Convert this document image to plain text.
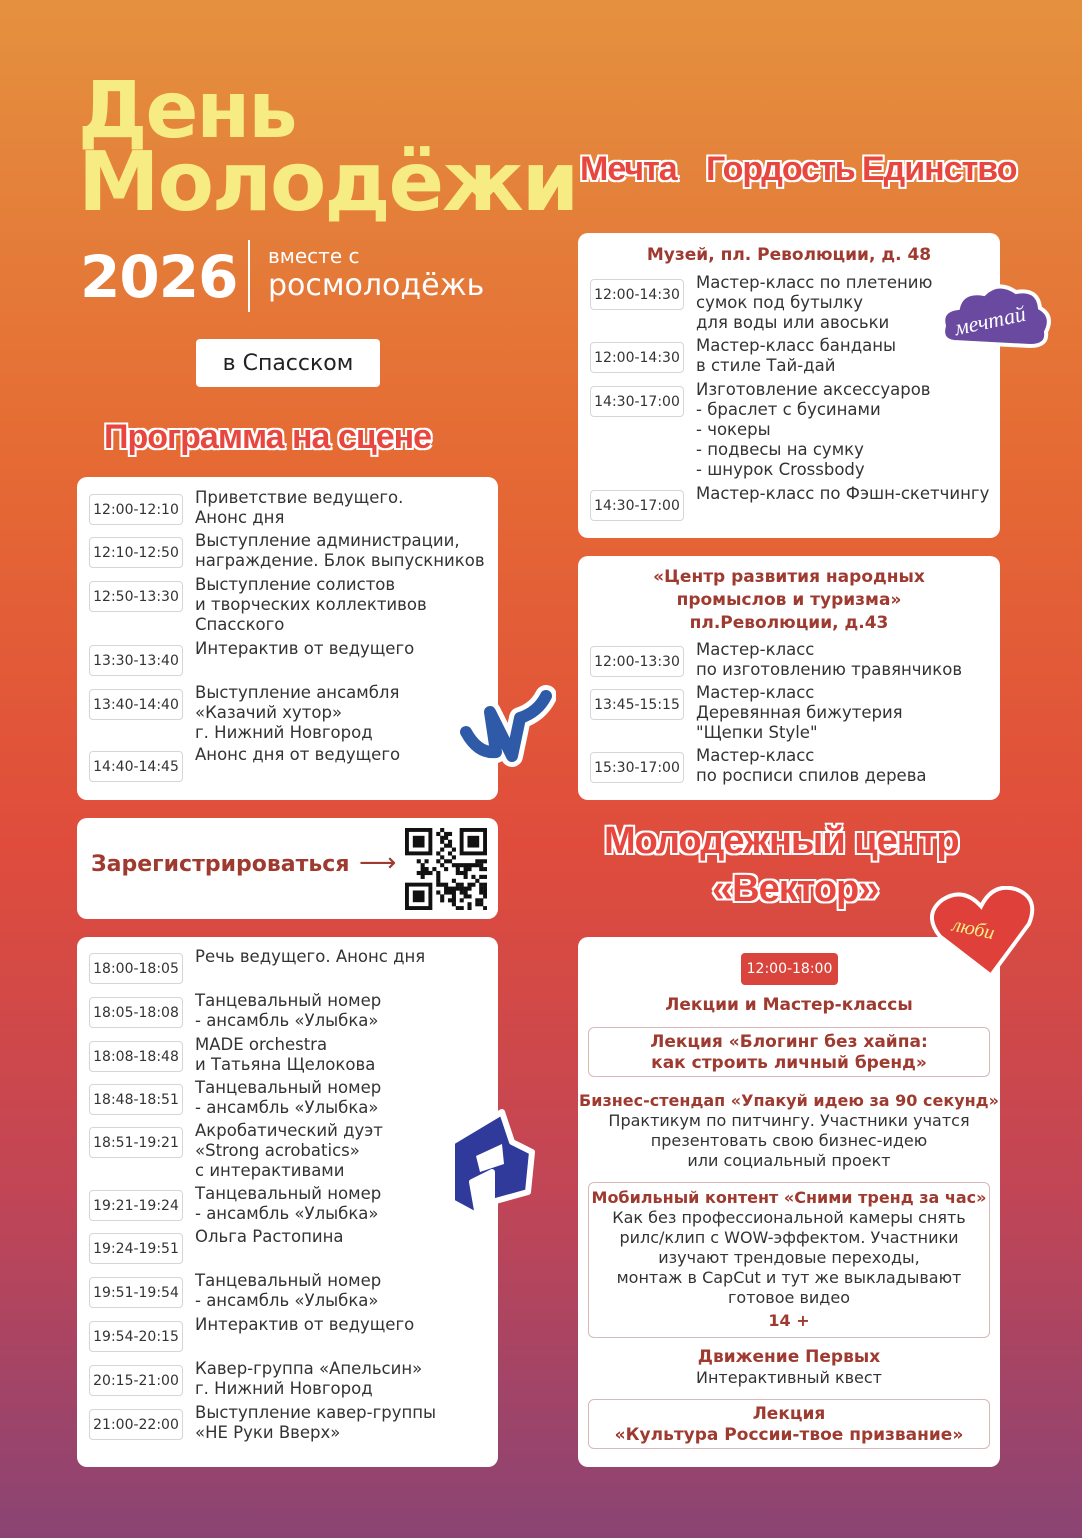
День
Молодёжи
2026 вместе с
росмолодёжь
в Спасском
Мечта Гордость Единство
Программа на сцене
12:00-12:10
Приветствие ведущего.
Анонс дня
12:10-12:50
Выступление администрации,
награждение. Блок выпускников
12:50-13:30
Выступление солистов
и творческих коллективов
Спасского
13:30-13:40
Интерактив от ведущего
13:40-14:40
Выступление ансамбля
«Казачий хутор»
г. Нижний Новгород
14:40-14:45
Анонс дня от ведущего
Зарегистрироваться ⟶
18:00-18:05
Речь ведущего. Анонс дня
18:05-18:08
Танцевальный номер
- ансамбль «Улыбка»
18:08-18:48
MADE orchestra
и Татьяна Щелокова
18:48-18:51
Танцевальный номер
- ансамбль «Улыбка»
18:51-19:21
Акробатический дуэт
«Strong acrobatics»
с интерактивами
19:21-19:24
Танцевальный номер
- ансамбль «Улыбка»
19:24-19:51
Ольга Растопина
19:51-19:54
Танцевальный номер
- ансамбль «Улыбка»
19:54-20:15
Интерактив от ведущего
20:15-21:00
Кавер-группа «Апельсин»
г. Нижний Новгород
21:00-22:00
Выступление кавер-группы
«НЕ Руки Вверх»
Музей, пл. Революции, д. 48
12:00-14:30
Мастер-класс по плетению
сумок под бутылку
для воды или авоськи
12:00-14:30
Мастер-класс банданы
в стиле Тай-дай
14:30-17:00
Изготовление аксессуаров
- браслет с бусинами
- чокеры
- подвесы на сумку
- шнурок Crossbody
14:30-17:00
Мастер-класс по Фэшн-скетчингу
«Центр развития народных
промыслов и туризма»
пл.Революции, д.43
12:00-13:30
Мастер-класс
по изготовлению травянчиков
13:45-15:15
Мастер-класс
Деревянная бижутерия
"Щепки Style"
15:30-17:00
Мастер-класс
по росписи спилов дерева
Молодежный центр
«Вектор»
12:00-18:00
Лекции и Мастер-классы
Лекция «Блогинг без хайпа:
как строить личный бренд»
Бизнес-стендап «Упакуй идею за 90 секунд»
Практикум по питчингу. Участники учатся
презентовать свою бизнес-идею
или социальный проект
Мобильный контент «Сними тренд за час»
Как без профессиональной камеры снять
рилс/клип с WOW-эффектом. Участники
изучают трендовые переходы,
монтаж в CapCut и тут же выкладывают
готовое видео
14 +
Движение Первых
Интерактивный квест
Лекция
«Культура России-твое призвание»
мечтай
люби
